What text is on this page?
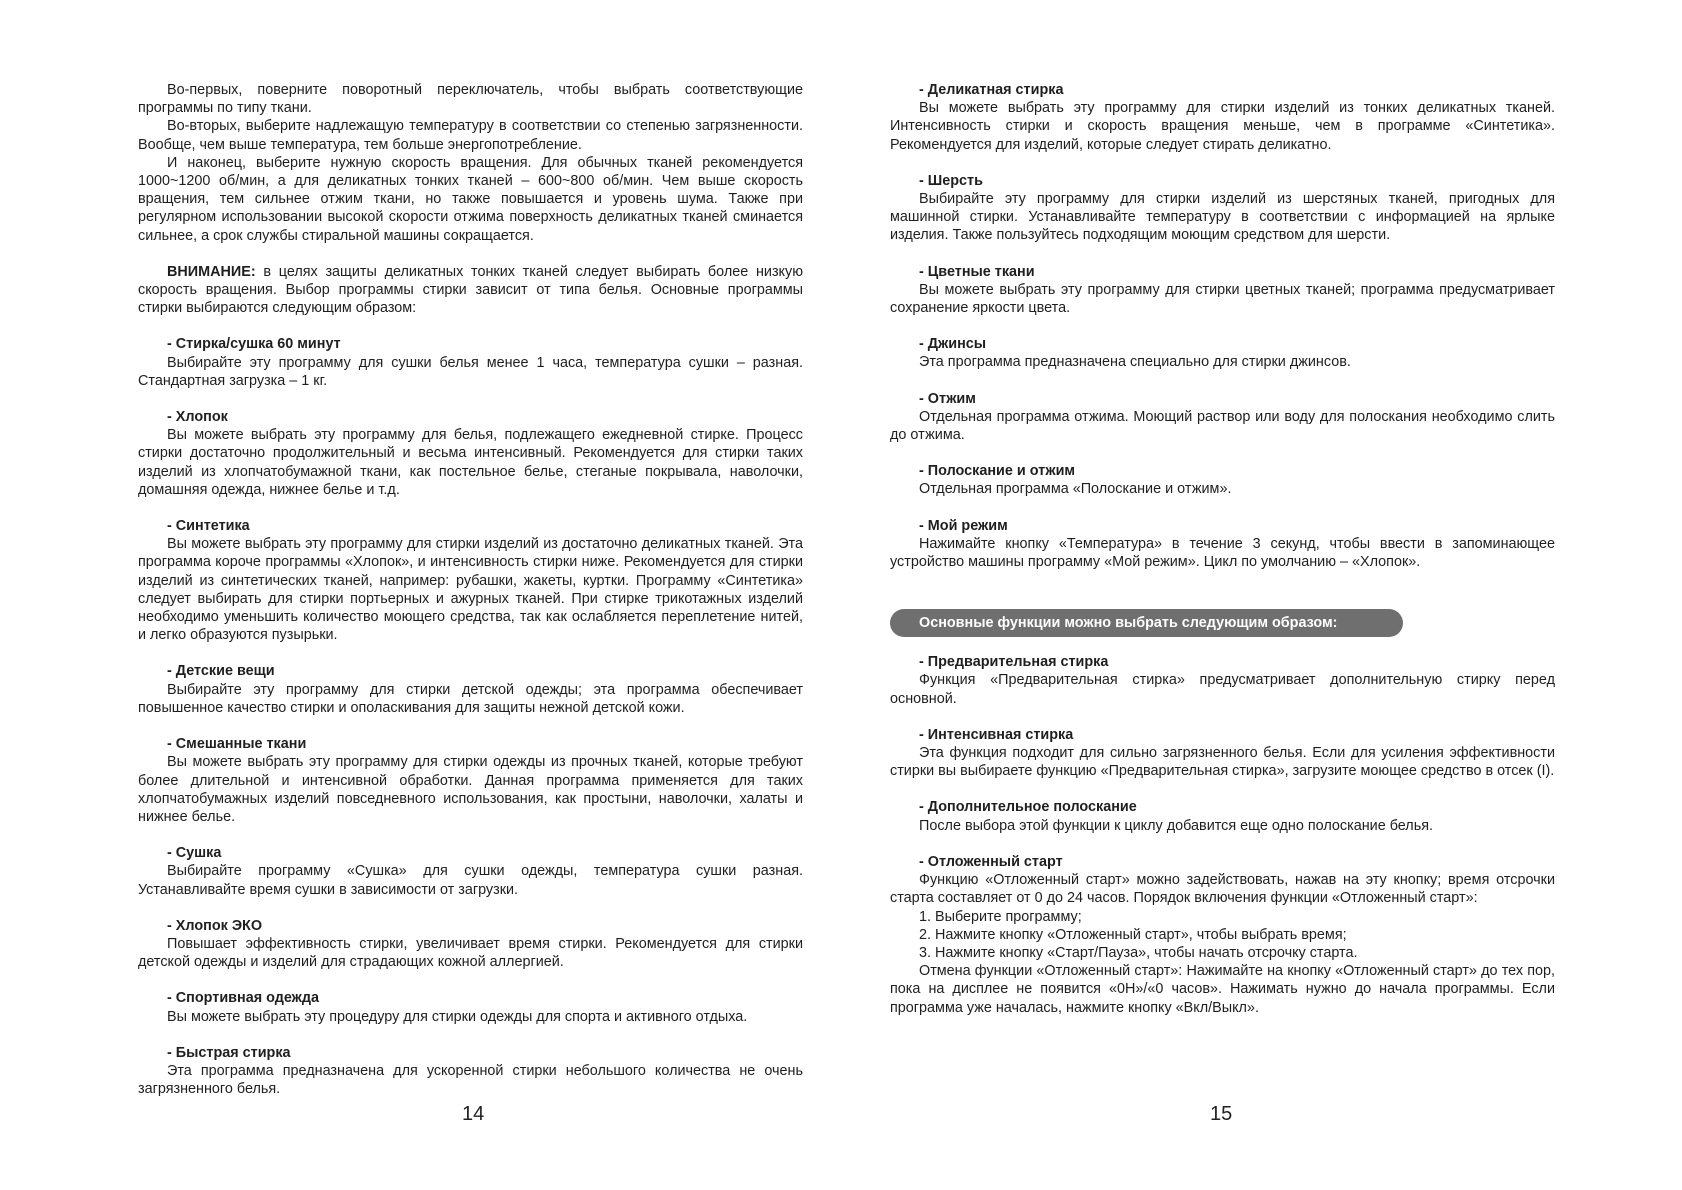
Во-первых, поверните поворотный переключатель, чтобы выбрать соответствующие программы по типу ткани.

Во-вторых, выберите надлежащую температуру в соответствии со степенью загрязненности. Вообще, чем выше температура, тем больше энергопотребление.

И наконец, выберите нужную скорость вращения. Для обычных тканей рекомендуется 1000~1200 об/мин, а для деликатных тонких тканей – 600~800 об/мин. Чем выше скорость вращения, тем сильнее отжим ткани, но также повышается и уровень шума. Также при регулярном использовании высокой скорости отжима поверхность деликатных тканей сминается сильнее, а срок службы стиральной машины сокращается.

ВНИМАНИЕ: в целях защиты деликатных тонких тканей следует выбирать более низкую скорость вращения. Выбор программы стирки зависит от типа белья. Основные программы стирки выбираются следующим образом:

- Стирка/сушка 60 минут

Выбирайте эту программу для сушки белья менее 1 часа, температура сушки – разная. Стандартная загрузка – 1 кг.

- Хлопок

Вы можете выбрать эту программу для белья, подлежащего ежедневной стирке. Процесс стирки достаточно продолжительный и весьма интенсивный. Рекомендуется для стирки таких изделий из хлопчатобумажной ткани, как постельное белье, стеганые покрывала, наволочки, домашняя одежда, нижнее белье и т.д.

- Синтетика

Вы можете выбрать эту программу для стирки изделий из достаточно деликатных тканей. Эта программа короче программы «Хлопок», и интенсивность стирки ниже. Рекомендуется для стирки изделий из синтетических тканей, например: рубашки, жакеты, куртки. Программу «Синтетика» следует выбирать для стирки портьерных и ажурных тканей. При стирке трикотажных изделий необходимо уменьшить количество моющего средства, так как ослабляется переплетение нитей, и легко образуются пузырьки.

- Детские вещи

Выбирайте эту программу для стирки детской одежды; эта программа обеспечивает повышенное качество стирки и ополаскивания для защиты нежной детской кожи.

- Смешанные ткани

Вы можете выбрать эту программу для стирки одежды из прочных тканей, которые требуют более длительной и интенсивной обработки. Данная программа применяется для таких хлопчатобумажных изделий повседневного использования, как простыни, наволочки, халаты и нижнее белье.

- Сушка

Выбирайте программу «Сушка» для сушки одежды, температура сушки разная. Устанавливайте время сушки в зависимости от загрузки.

- Хлопок ЭКО

Повышает эффективность стирки, увеличивает время стирки. Рекомендуется для стирки детской одежды и изделий для страдающих кожной аллергией.

- Спортивная одежда

Вы можете выбрать эту процедуру для стирки одежды для спорта и активного отдыха.

- Быстрая стирка

Эта программа предназначена для ускоренной стирки небольшого количества не очень загрязненного белья.

14
- Деликатная стирка

Вы можете выбрать эту программу для стирки изделий из тонких деликатных тканей. Интенсивность стирки и скорость вращения меньше, чем в программе «Синтетика». Рекомендуется для изделий, которые следует стирать деликатно.

- Шерсть

Выбирайте эту программу для стирки изделий из шерстяных тканей, пригодных для машинной стирки. Устанавливайте температуру в соответствии с информацией на ярлыке изделия. Также пользуйтесь подходящим моющим средством для шерсти.

- Цветные ткани

Вы можете выбрать эту программу для стирки цветных тканей; программа предусматривает сохранение яркости цвета.

- Джинсы

Эта программа предназначена специально для стирки джинсов.

- Отжим

Отдельная программа отжима. Моющий раствор или воду для полоскания необходимо слить до отжима.

- Полоскание и отжим

Отдельная программа «Полоскание и отжим».

- Мой режим

Нажимайте кнопку «Температура» в течение 3 секунд, чтобы ввести в запоминающее устройство машины программу «Мой режим». Цикл по умолчанию – «Хлопок».

Основные функции можно выбрать следующим образом:
- Предварительная стирка

Функция «Предварительная стирка» предусматривает дополнительную стирку перед основной.

- Интенсивная стирка

Эта функция подходит для сильно загрязненного белья. Если для усиления эффективности стирки вы выбираете функцию «Предварительная стирка», загрузите моющее средство в отсек (I).

- Дополнительное полоскание

После выбора этой функции к циклу добавится еще одно полоскание белья.

- Отложенный старт

Функцию «Отложенный старт» можно задействовать, нажав на эту кнопку; время отсрочки старта составляет от 0 до 24 часов. Порядок включения функции «Отложенный старт»:

1. Выберите программу;

2. Нажмите кнопку «Отложенный старт», чтобы выбрать время;

3. Нажмите кнопку «Старт/Пауза», чтобы начать отсрочку старта.

Отмена функции «Отложенный старт»: Нажимайте на кнопку «Отложенный старт» до тех пор, пока на дисплее не появится «0Н»/«0 часов». Нажимать нужно до начала программы. Если программа уже началась, нажмите кнопку «Вкл/Выкл».

15
